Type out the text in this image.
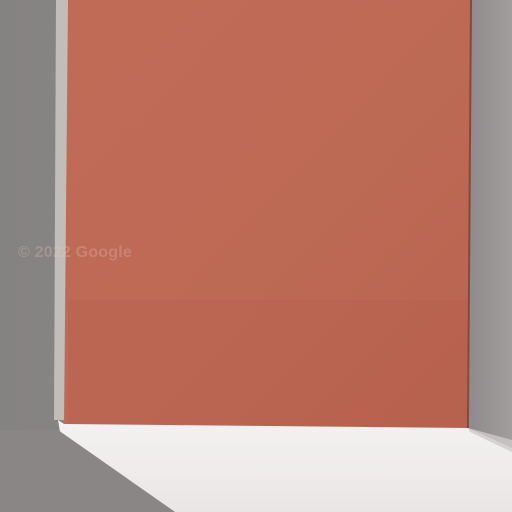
© 2022 Google
